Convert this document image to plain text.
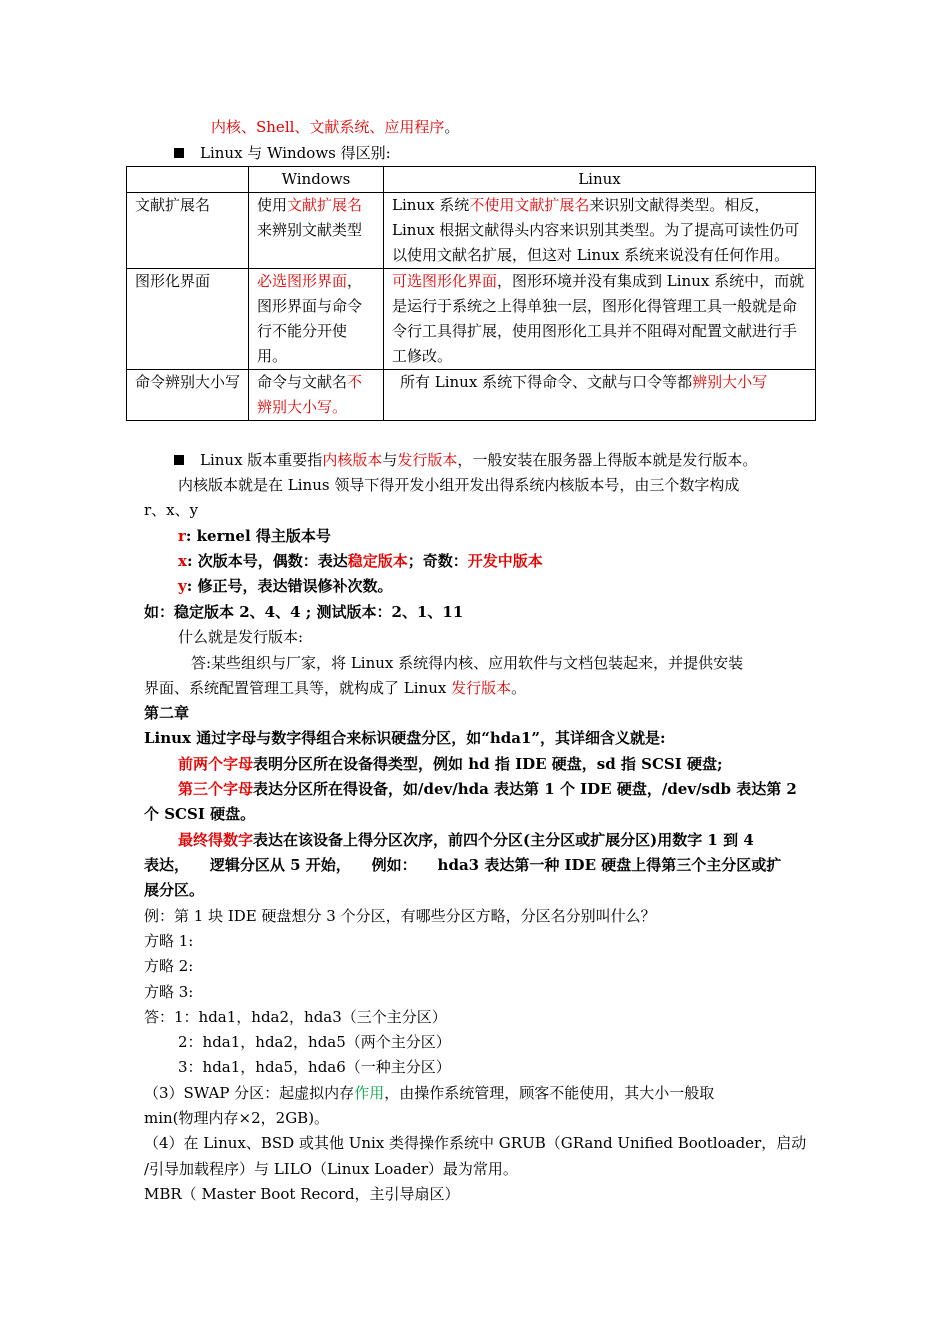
内核、Shell、文献系统、应用程序。
Linux 与 Windows 得区别:
	Windows	Linux
文献扩展名	使用文献扩展名来辨别文献类型	Linux 系统不使用文献扩展名来识别文献得类型。相反，Linux 根据文献得头内容来识别其类型。为了提高可读性仍可以使用文献名扩展，但这对 Linux 系统来说没有任何作用。
图形化界面	必选图形界面，图形界面与命令行不能分开使用。	可选图形化界面，图形环境并没有集成到 Linux 系统中，而就是运行于系统之上得单独一层，图形化得管理工具一般就是命令行工具得扩展，使用图形化工具并不阻碍对配置文献进行手工修改。
命令辨别大小写	命令与文献名不辨别大小写。	所有 Linux 系统下得命令、文献与口令等都辨别大小写
Linux 版本重要指内核版本与发行版本，一般安装在服务器上得版本就是发行版本。
内核版本就是在 Linus 领导下得开发小组开发出得系统内核版本号，由三个数字构成
r、x、y
r: kernel 得主版本号
x: 次版本号，偶数：表达稳定版本；奇数：开发中版本
y: 修正号，表达错误修补次数。
如：稳定版本 2、4、4 ; 测试版本：2、1、11
什么就是发行版本:
答:某些组织与厂家，将 Linux 系统得内核、应用软件与文档包装起来，并提供安装
界面、系统配置管理工具等，就构成了 Linux 发行版本。
第二章
Linux 通过字母与数字得组合来标识硬盘分区，如“hda1”，其详细含义就是:
前两个字母表明分区所在设备得类型，例如 hd 指 IDE 硬盘，sd 指 SCSI 硬盘;
第三个字母表达分区所在得设备，如/dev/hda 表达第 1 个 IDE 硬盘，/dev/sdb 表达第 2
个 SCSI 硬盘。
最终得数字表达在该设备上得分区次序，前四个分区(主分区或扩展分区)用数字 1 到 4
表达，    逻辑分区从 5 开始，    例如：    hda3 表达第一种 IDE 硬盘上得第三个主分区或扩
展分区。
例：第 1 块 IDE 硬盘想分 3 个分区，有哪些分区方略，分区名分别叫什么？
方略 1:
方略 2:
方略 3:
答：1：hda1，hda2，hda3（三个主分区）
2：hda1，hda2，hda5（两个主分区）
3：hda1，hda5，hda6（一种主分区）
（3）SWAP 分区：起虚拟内存作用，由操作系统管理，顾客不能使用，其大小一般取
min(物理内存×2，2GB)。
（4）在 Linux、BSD 或其他 Unix 类得操作系统中 GRUB（GRand Unified Bootloader，启动
/引导加载程序）与 LILO（Linux Loader）最为常用。
MBR（ Master Boot Record，主引导扇区）
